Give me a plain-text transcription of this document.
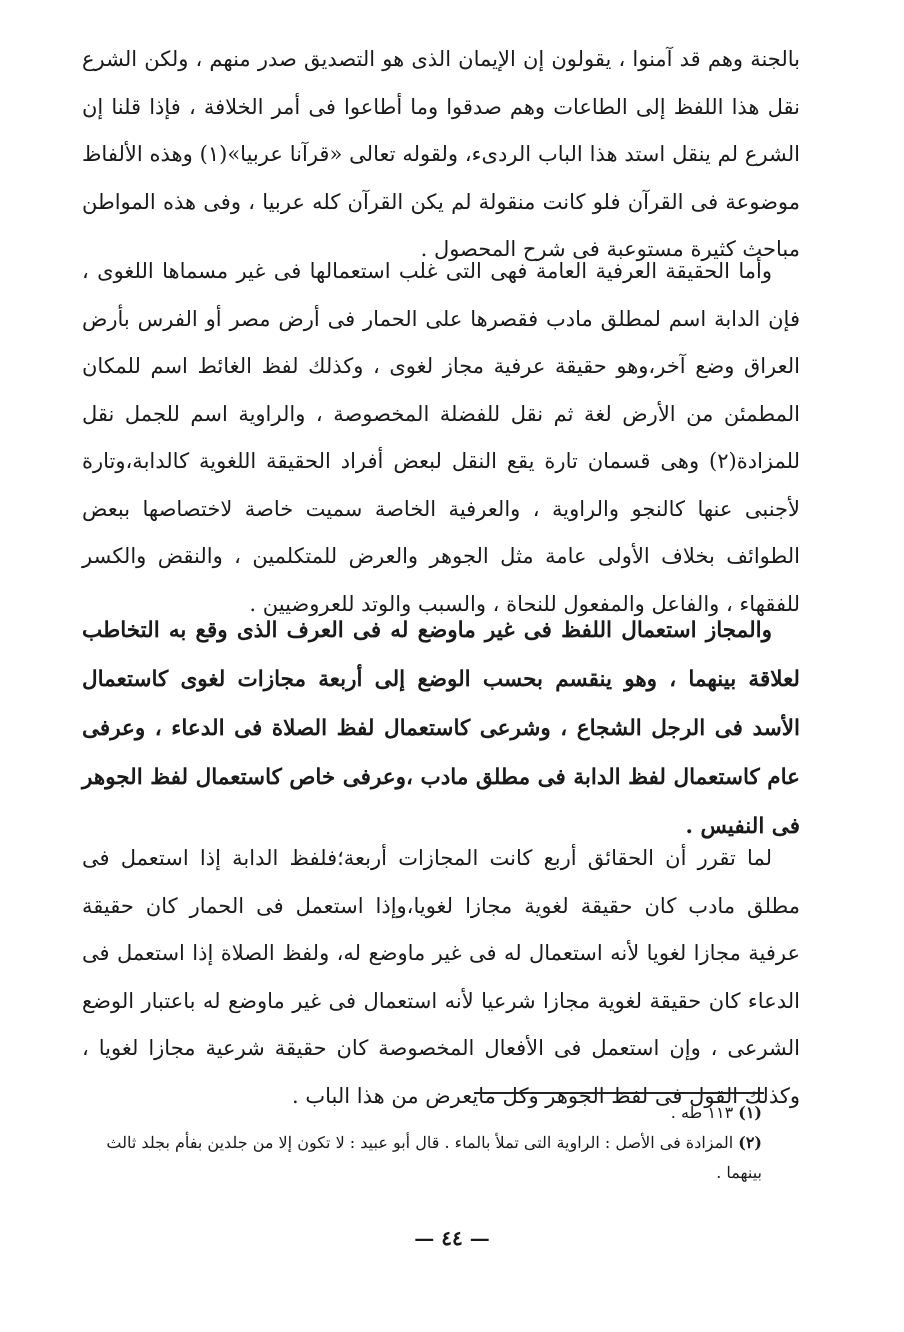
بالجنة وهم قد آمنوا ، يقولون إن الإيمان الذى هو التصديق صدر منهم ، ولكن الشرع نقل هذا اللفظ إلى الطاعات وهم صدقوا وما أطاعوا فى أمر الخلافة ، فإذا قلنا إن الشرع لم ينقل استد هذا الباب الردىء، ولقوله تعالى «قرآنا عربيا»(١) وهذه الألفاظ موضوعة فى القرآن فلو كانت منقولة لم يكن القرآن كله عربيا ، وفى هذه المواطن مباحث كثيرة مستوعبة فى شرح المحصول .

وأما الحقيقة العرفية العامة فهى التى غلب استعمالها فى غير مسماها اللغوى ، فإن الدابة اسم لمطلق مادب فقصرها على الحمار فى أرض مصر أو الفرس بأرض العراق وضع آخر،وهو حقيقة عرفية مجاز لغوى ، وكذلك لفظ الغائط اسم للمكان المطمئن من الأرض لغة ثم نقل للفضلة المخصوصة ، والراوية اسم للجمل نقل للمزادة(٢) وهى قسمان تارة يقع النقل لبعض أفراد الحقيقة اللغوية كالدابة،وتارة لأجنبى عنها كالنجو والراوية ، والعرفية الخاصة سميت خاصة لاختصاصها ببعض الطوائف بخلاف الأولى عامة مثل الجوهر والعرض للمتكلمين ، والنقض والكسر للفقهاء ، والفاعل والمفعول للنحاة ، والسبب والوتد للعروضيين .

والمجاز استعمال اللفظ فى غير ماوضع له فى العرف الذى وقع به التخاطب لعلاقة بينهما ، وهو ينقسم بحسب الوضع إلى أربعة مجازات لغوى كاستعمال الأسد فى الرجل الشجاع ، وشرعى كاستعمال لفظ الصلاة فى الدعاء ، وعرفى عام كاستعمال لفظ الدابة فى مطلق مادب ،وعرفى خاص كاستعمال لفظ الجوهر فى النفيس .

لما تقرر أن الحقائق أربع كانت المجازات أربعة؛فلفظ الدابة إذا استعمل فى مطلق مادب كان حقيقة لغوية مجازا لغويا،وإذا استعمل فى الحمار كان حقيقة عرفية مجازا لغويا لأنه استعمال له فى غير ماوضع له، ولفظ الصلاة إذا استعمل فى الدعاء كان حقيقة لغوية مجازا شرعيا لأنه استعمال فى غير ماوضع له باعتبار الوضع الشرعى ، وإن استعمل فى الأفعال المخصوصة كان حقيقة شرعية مجازا لغويا ، وكذلك القول فى لفظ الجوهر وكل مايعرض من هذا الباب .

(١) ١١٣ طه .

(٢) المزادة فى الأصل : الراوية التى تملأ بالماء . قال أبو عبيد : لا تكون إلا من جلدين بفأم بجلد ثالث بينهما .

— ٤٤ —
